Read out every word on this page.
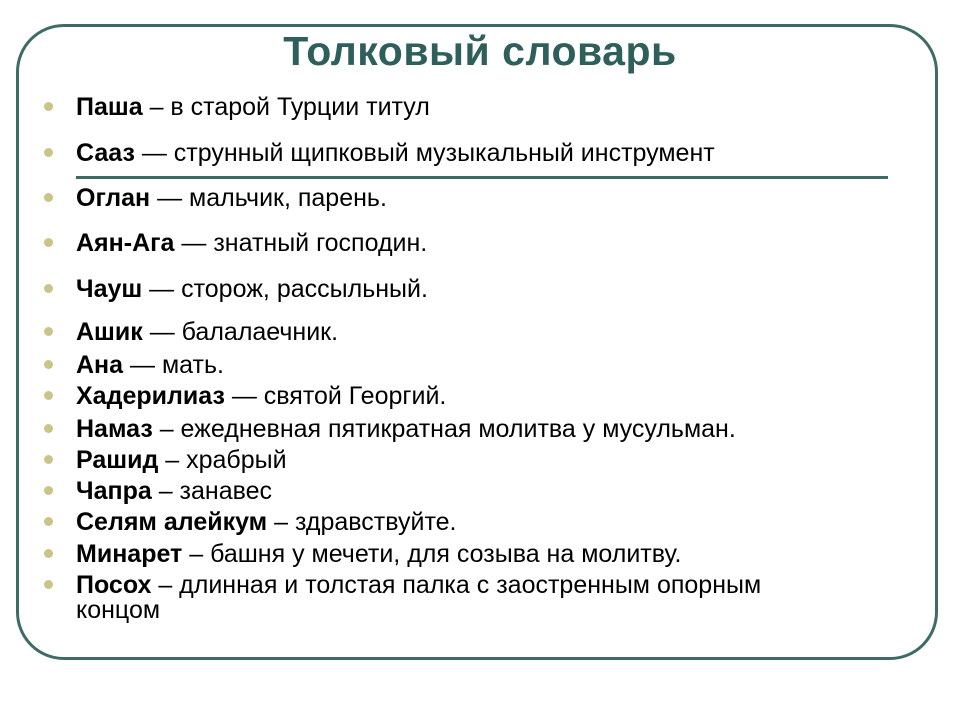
Толковый словарь
Паша – в старой Турции титул
Сааз — струнный щипковый музыкальный инструмент
Оглан — мальчик, парень.
Аян-Ага — знатный господин.
Чауш — сторож, рассыльный.
Ашик — балалаечник.
Ана — мать.
Хадерилиаз — святой Георгий.
Намаз – ежедневная пятикратная молитва у мусульман.
Рашид – храбрый
Чапра – занавес
Селям алейкум – здравствуйте.
Минарет – башня у мечети, для созыва на молитву.
Посох – длинная и толстая палка с заостренным опорным концом
